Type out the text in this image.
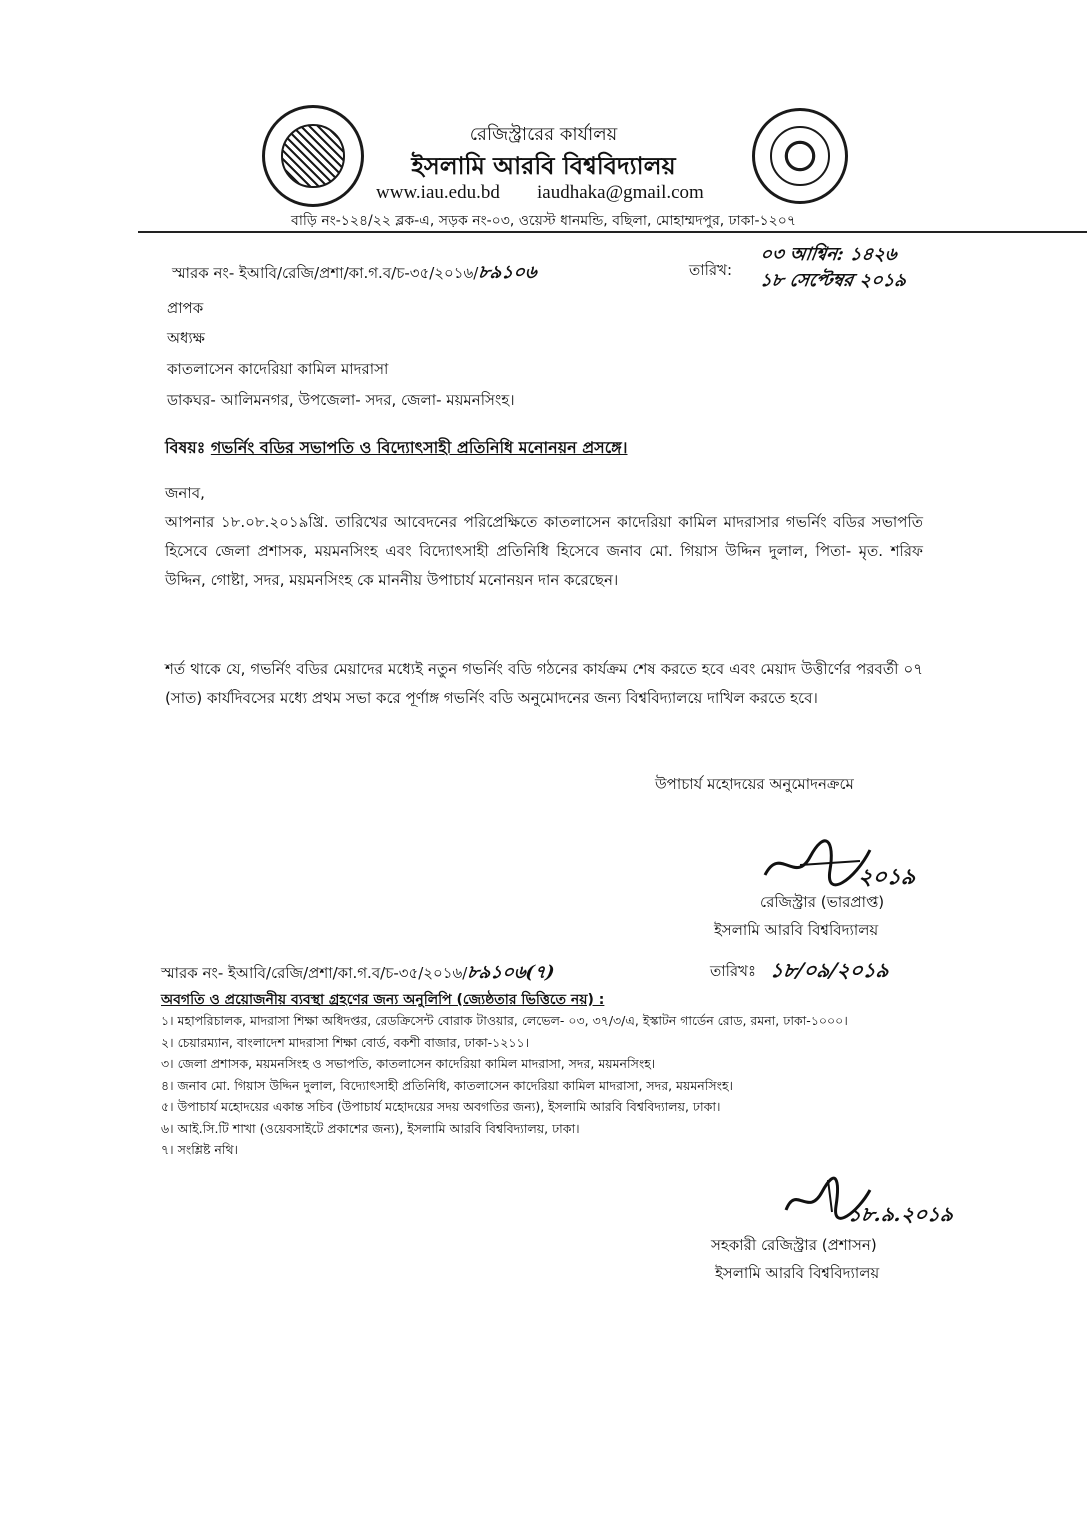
রেজিস্ট্রারের কার্যালয়
ইসলামি আরবি বিশ্ববিদ্যালয়
www.iau.edu.bd iaudhaka@gmail.com
বাড়ি নং-১২৪/২২ ব্লক-এ, সড়ক নং-০৩, ওয়েস্ট ধানমন্ডি, বছিলা, মোহাম্মদপুর, ঢাকা-১২০৭
স্মারক নং- ইআবি/রেজি/প্রশা/কা.গ.ব/চ-৩৫/২০১৬/৮৯১০৬	তারিখ:
০৩ আশ্বিন: ১৪২৬
১৮ সেপ্টেম্বর ২০১৯
প্রাপক
অধ্যক্ষ
কাতলাসেন কাদেরিয়া কামিল মাদরাসা
ডাকঘর- আলিমনগর, উপজেলা- সদর, জেলা- ময়মনসিংহ।
বিষয়ঃ গভর্নিং বডির সভাপতি ও বিদ্যোৎসাহী প্রতিনিধি মনোনয়ন প্রসঙ্গে।
জনাব,
আপনার ১৮.০৮.২০১৯খ্রি. তারিখের আবেদনের পরিপ্রেক্ষিতে কাতলাসেন কাদেরিয়া কামিল মাদরাসার গভর্নিং বডির সভাপতি হিসেবে জেলা প্রশাসক, ময়মনসিংহ এবং বিদ্যোৎসাহী প্রতিনিধি হিসেবে জনাব মো. গিয়াস উদ্দিন দুলাল, পিতা- মৃত. শরিফ উদ্দিন, গোষ্টা, সদর, ময়মনসিংহ কে মাননীয় উপাচার্য মনোনয়ন দান করেছেন।
শর্ত থাকে যে, গভর্নিং বডির মেয়াদের মধ্যেই নতুন গভর্নিং বডি গঠনের কার্যক্রম শেষ করতে হবে এবং মেয়াদ উত্তীর্ণের পরবর্তী ০৭ (সাত) কার্যদিবসের মধ্যে প্রথম সভা করে পূর্ণাঙ্গ গভর্নিং বডি অনুমোদনের জন্য বিশ্ববিদ্যালয়ে দাখিল করতে হবে।
উপাচার্য মহোদয়ের অনুমোদনক্রমে
২০১৯
রেজিস্ট্রার (ভারপ্রাপ্ত)
ইসলামি আরবি বিশ্ববিদ্যালয়
স্মারক নং- ইআবি/রেজি/প্রশা/কা.গ.ব/চ-৩৫/২০১৬/৮৯১০৬(৭)	তারিখঃ ১৮/০৯/২০১৯
অবগতি ও প্রয়োজনীয় ব্যবস্থা গ্রহণের জন্য অনুলিপি (জ্যেষ্ঠতার ভিত্তিতে নয়) :
১। মহাপরিচালক, মাদরাসা শিক্ষা অধিদপ্তর, রেডক্রিসেন্ট বোরাক টাওয়ার, লেভেল- ০৩, ৩৭/৩/এ, ইস্কাটন গার্ডেন রোড, রমনা, ঢাকা-১০০০।
২। চেয়ারম্যান, বাংলাদেশ মাদরাসা শিক্ষা বোর্ড, বকশী বাজার, ঢাকা-১২১১।
৩। জেলা প্রশাসক, ময়মনসিংহ ও সভাপতি, কাতলাসেন কাদেরিয়া কামিল মাদরাসা, সদর, ময়মনসিংহ।
৪। জনাব মো. গিয়াস উদ্দিন দুলাল, বিদ্যোৎসাহী প্রতিনিধি, কাতলাসেন কাদেরিয়া কামিল মাদরাসা, সদর, ময়মনসিংহ।
৫। উপাচার্য মহোদয়ের একান্ত সচিব (উপাচার্য মহোদয়ের সদয় অবগতির জন্য), ইসলামি আরবি বিশ্ববিদ্যালয়, ঢাকা।
৬। আই.সি.টি শাখা (ওয়েবসাইটে প্রকাশের জন্য), ইসলামি আরবি বিশ্ববিদ্যালয়, ঢাকা।
৭। সংশ্লিষ্ট নথি।
১৮.৯.২০১৯
সহকারী রেজিস্ট্রার (প্রশাসন)
ইসলামি আরবি বিশ্ববিদ্যালয়
